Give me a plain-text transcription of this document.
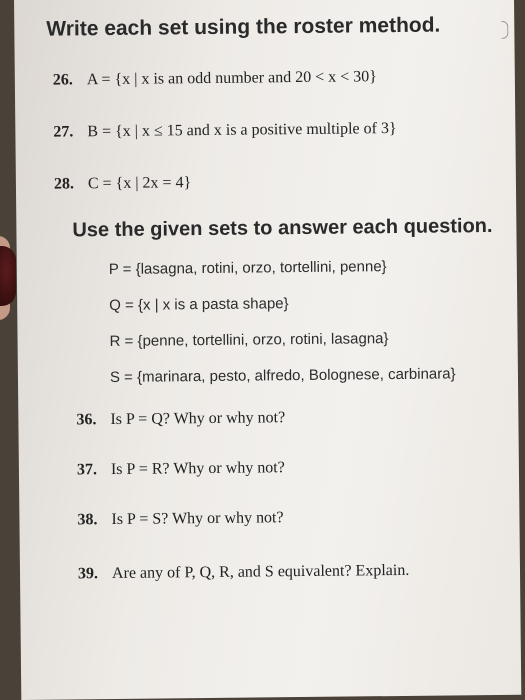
Write each set using the roster method.
26. A = {x | x is an odd number and 20 < x < 30}
27. B = {x | x ≤ 15 and x is a positive multiple of 3}
28. C = {x | 2x = 4}
Use the given sets to answer each question.
P = {lasagna, rotini, orzo, tortellini, penne}
Q = {x | x is a pasta shape}
R = {penne, tortellini, orzo, rotini, lasagna}
S = {marinara, pesto, alfredo, Bolognese, carbinara}
36. Is P = Q? Why or why not?
37. Is P = R? Why or why not?
38. Is P = S? Why or why not?
39. Are any of P, Q, R, and S equivalent? Explain.
